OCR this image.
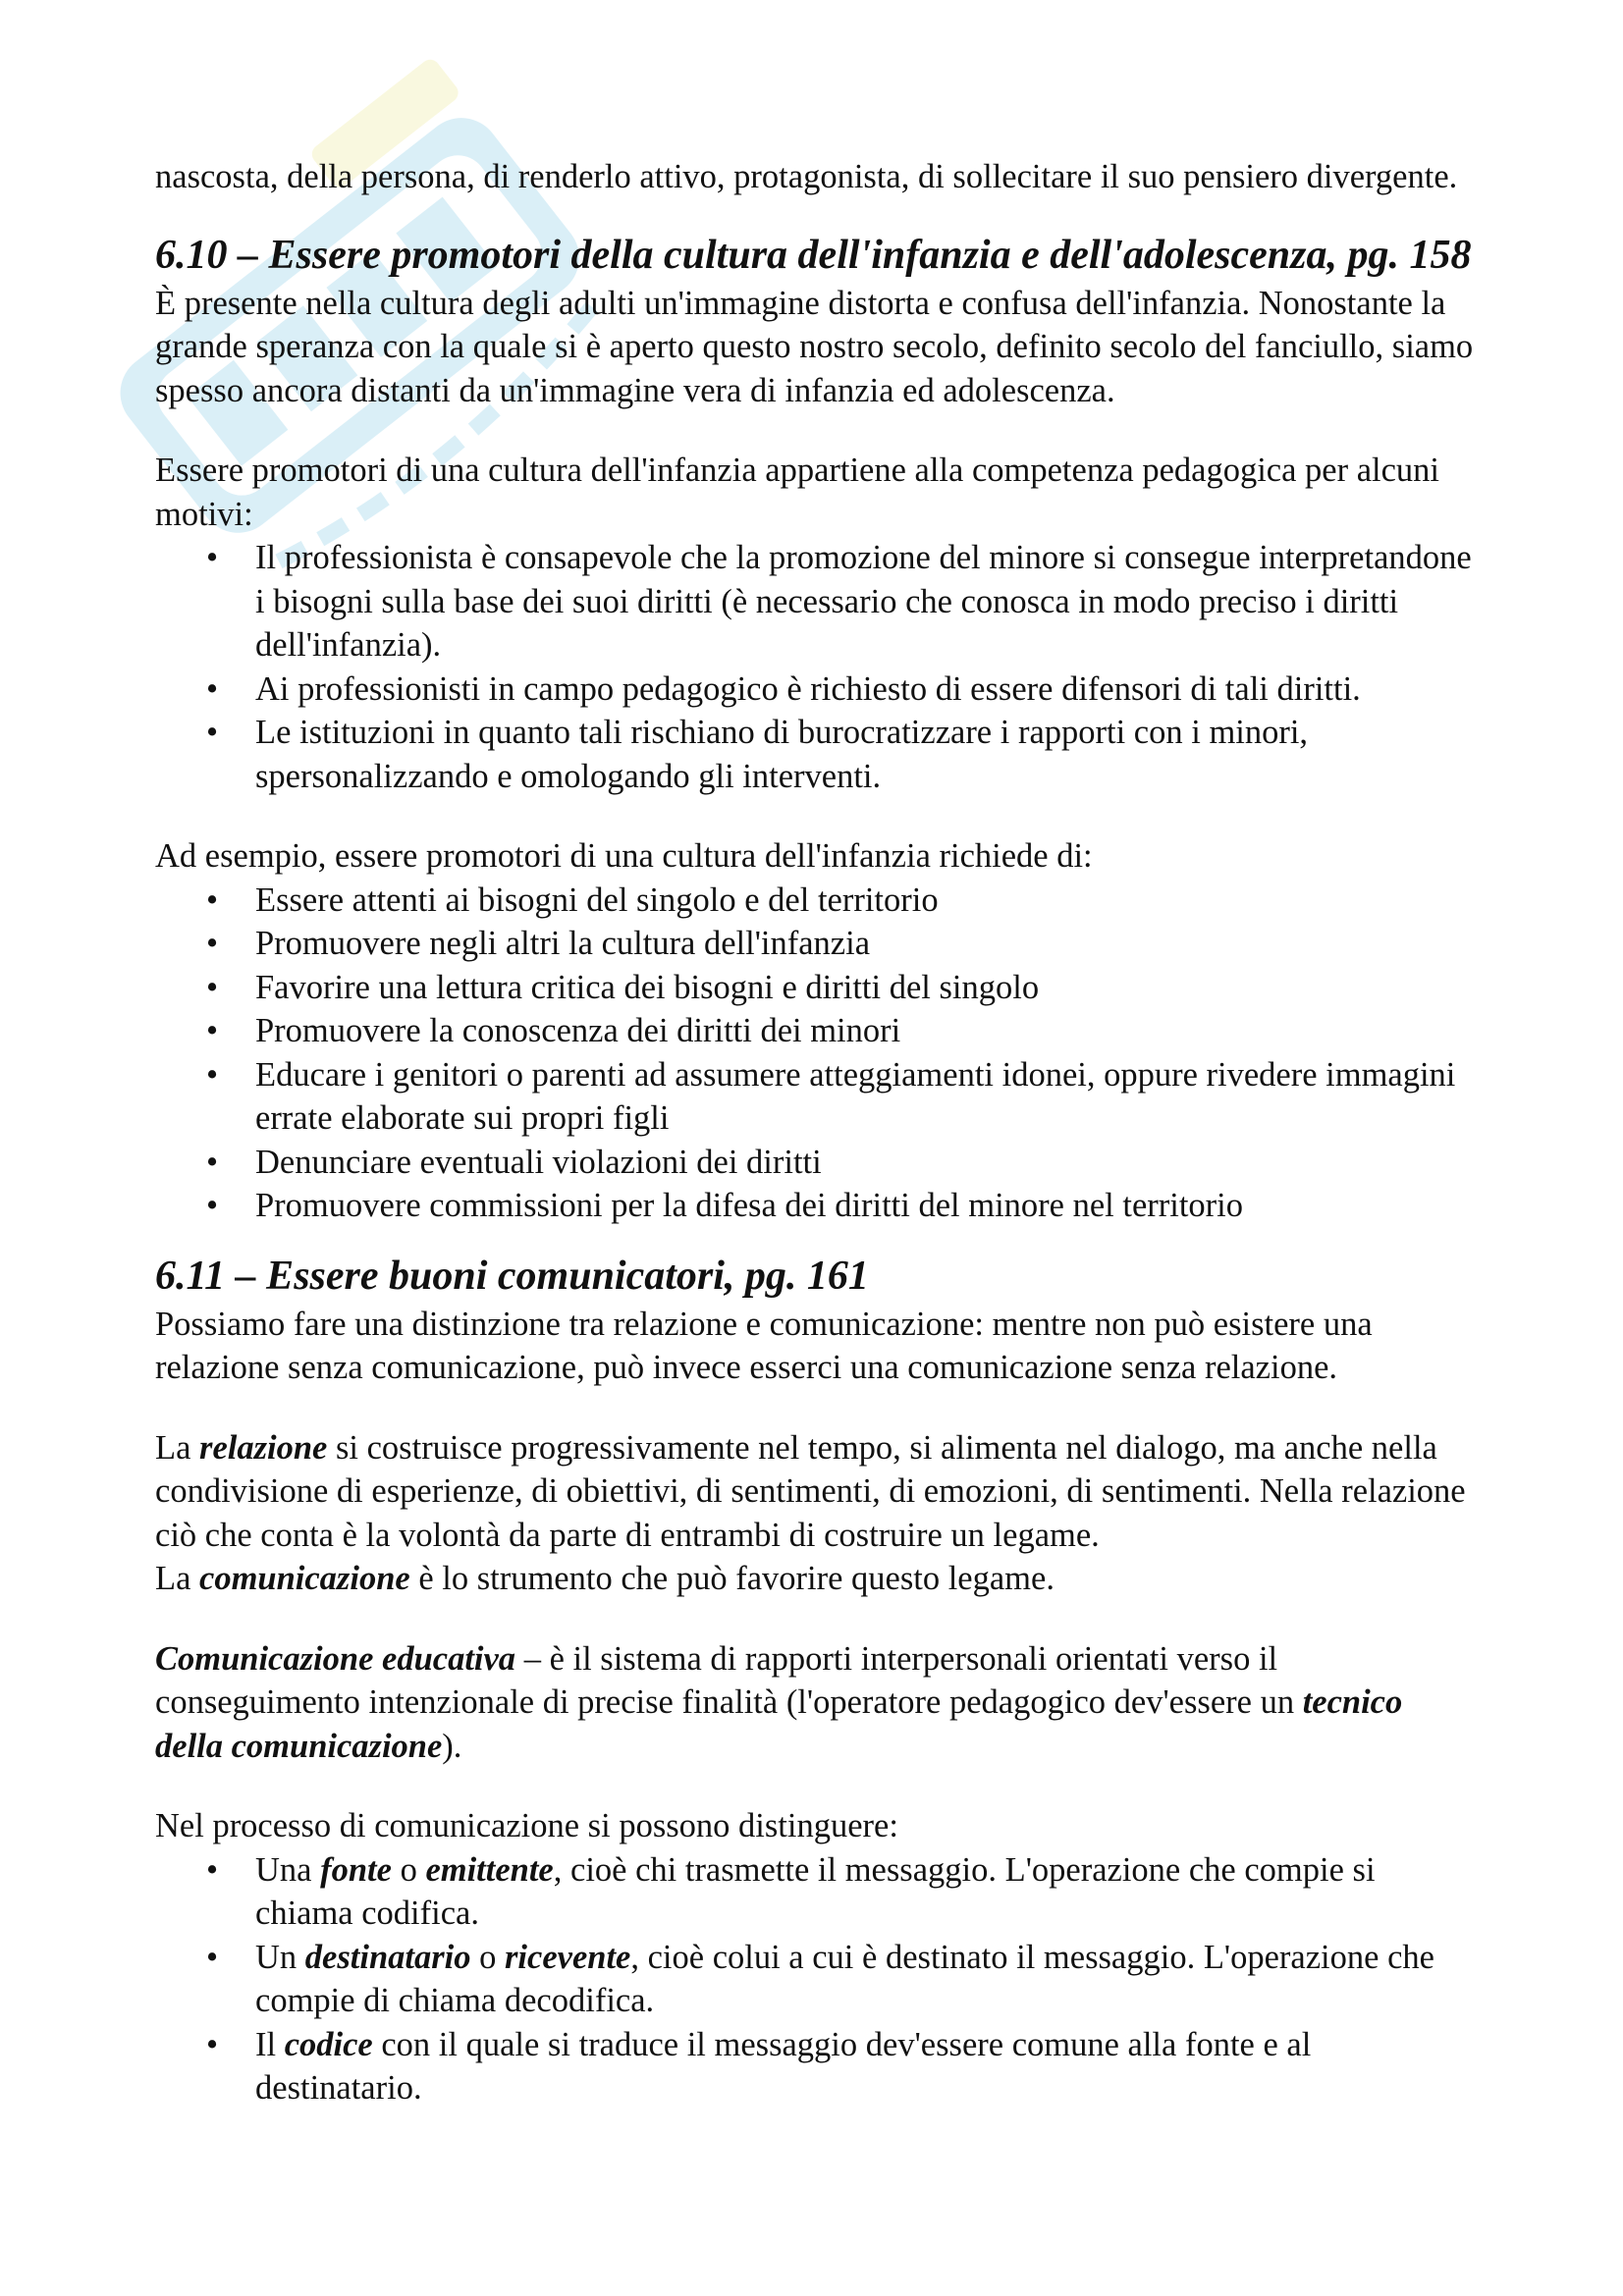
nascosta, della persona, di renderlo attivo, protagonista, di sollecitare il suo pensiero divergente.

6.10 – Essere promotori della cultura dell'infanzia e dell'adolescenza, pg. 158

È presente nella cultura degli adulti un'immagine distorta e confusa dell'infanzia. Nonostante la grande speranza con la quale si è aperto questo nostro secolo, definito secolo del fanciullo, siamo spesso ancora distanti da un'immagine vera di infanzia ed adolescenza.

Essere promotori di una cultura dell'infanzia appartiene alla competenza pedagogica per alcuni motivi:

• Il professionista è consapevole che la promozione del minore si consegue interpretandone i bisogni sulla base dei suoi diritti (è necessario che conosca in modo preciso i diritti dell'infanzia).
• Ai professionisti in campo pedagogico è richiesto di essere difensori di tali diritti.
• Le istituzioni in quanto tali rischiano di burocratizzare i rapporti con i minori, spersonalizzando e omologando gli interventi.

Ad esempio, essere promotori di una cultura dell'infanzia richiede di:

• Essere attenti ai bisogni del singolo e del territorio
• Promuovere negli altri la cultura dell'infanzia
• Favorire una lettura critica dei bisogni e diritti del singolo
• Promuovere la conoscenza dei diritti dei minori
• Educare i genitori o parenti ad assumere atteggiamenti idonei, oppure rivedere immagini errate elaborate sui propri figli
• Denunciare eventuali violazioni dei diritti
• Promuovere commissioni per la difesa dei diritti del minore nel territorio
6.11 – Essere buoni comunicatori, pg. 161

Possiamo fare una distinzione tra relazione e comunicazione: mentre non può esistere una relazione senza comunicazione, può invece esserci una comunicazione senza relazione.

La relazione si costruisce progressivamente nel tempo, si alimenta nel dialogo, ma anche nella condivisione di esperienze, di obiettivi, di sentimenti, di emozioni, di sentimenti. Nella relazione ciò che conta è la volontà da parte di entrambi di costruire un legame.

La comunicazione è lo strumento che può favorire questo legame.

Comunicazione educativa – è il sistema di rapporti interpersonali orientati verso il conseguimento intenzionale di precise finalità (l'operatore pedagogico dev'essere un tecnico della comunicazione).

Nel processo di comunicazione si possono distinguere:

• Una fonte o emittente, cioè chi trasmette il messaggio. L'operazione che compie si chiama codifica.
• Un destinatario o ricevente, cioè colui a cui è destinato il messaggio. L'operazione che compie di chiama decodifica.
• Il codice con il quale si traduce il messaggio dev'essere comune alla fonte e al destinatario.
